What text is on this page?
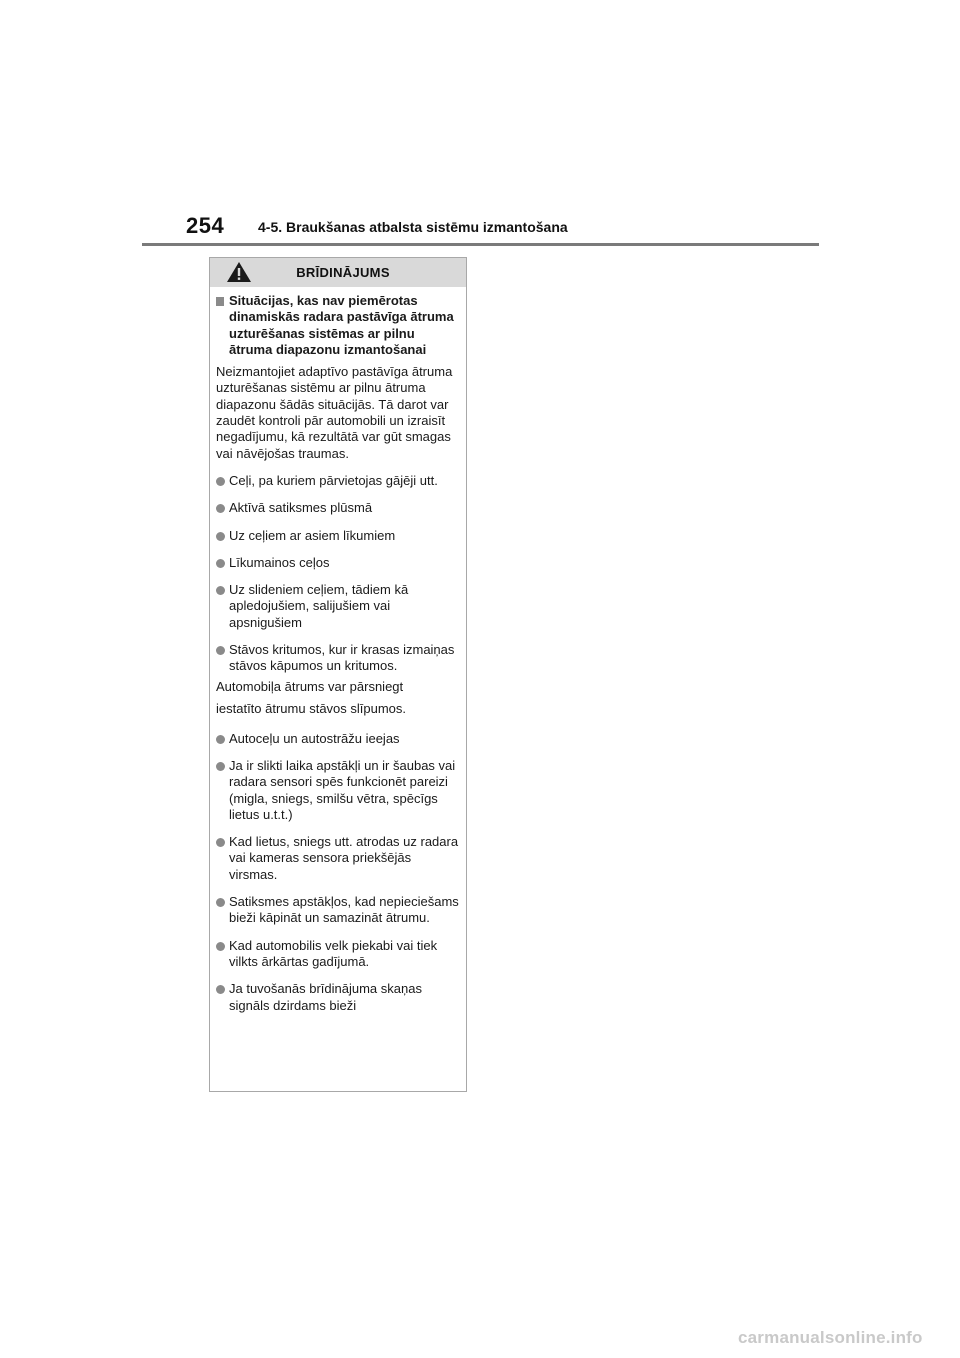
254 4-5. Braukšanas atbalsta sistēmu izmantošana
BRĪDINĀJUMS
Situācijas, kas nav piemērotas dinamiskās radara pastāvīga ātruma uzturēšanas sistēmas ar pilnu ātruma diapazonu izmantošanai
Neizmantojiet adaptīvo pastāvīga ātruma uzturēšanas sistēmu ar pilnu ātruma diapazonu šādās situācijās. Tā darot var zaudēt kontroli pār automobili un izraisīt negadījumu, kā rezultātā var gūt smagas vai nāvējošas traumas.
Ceļi, pa kuriem pārvietojas gājēji utt.
Aktīvā satiksmes plūsmā
Uz ceļiem ar asiem līkumiem
Līkumainos ceļos
Uz slideniem ceļiem, tādiem kā apledojušiem, salijušiem vai apsnigušiem
Stāvos kritumos, kur ir krasas izmaiņas stāvos kāpumos un kritumos.
Automobiļa ātrums var pārsniegt
iestatīto ātrumu stāvos slīpumos.
Autoceļu un autostrāžu ieejas
Ja ir slikti laika apstākļi un ir šaubas vai radara sensori spēs funkcionēt pareizi (migla, sniegs, smilšu vētra, spēcīgs lietus u.t.t.)
Kad lietus, sniegs utt. atrodas uz radara vai kameras sensora priekšējās virsmas.
Satiksmes apstākļos, kad nepieciešams bieži kāpināt un samazināt ātrumu.
Kad automobilis velk piekabi vai tiek vilkts ārkārtas gadījumā.
Ja tuvošanās brīdinājuma skaņas signāls dzirdams bieži
carmanualsonline.info
